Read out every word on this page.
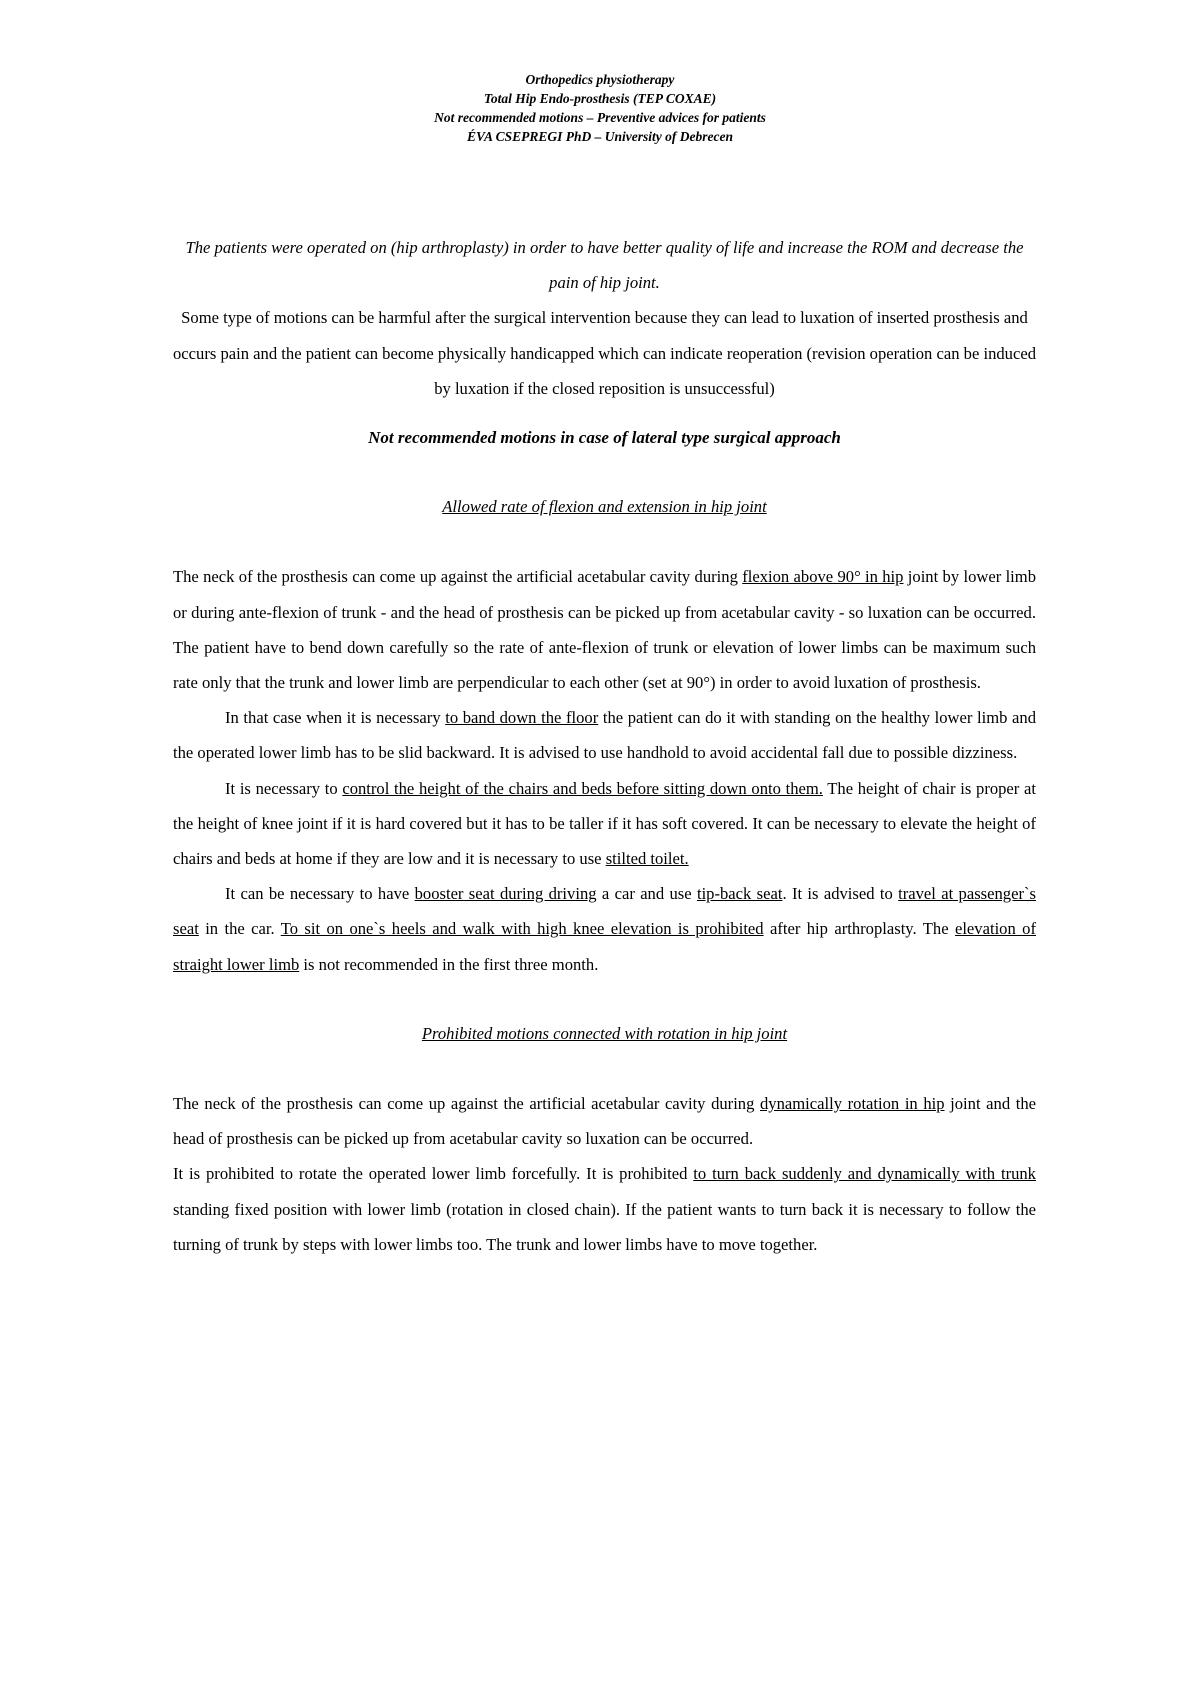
Orthopedics physiotherapy
Total Hip Endo-prosthesis (TEP COXAE)
Not recommended motions – Preventive advices for patients
ÉVA CSEPREGI PhD – University of Debrecen

The patients were operated on (hip arthroplasty) in order to have better quality of life and increase the ROM and decrease the pain of hip joint.

Some type of motions can be harmful after the surgical intervention because they can lead to luxation of inserted prosthesis and occurs pain and the patient can become physically handicapped which can indicate reoperation (revision operation can be induced by luxation if the closed reposition is unsuccessful)

Not recommended motions in case of lateral type surgical approach

Allowed rate of flexion and extension in hip joint

The neck of the prosthesis can come up against the artificial acetabular cavity during flexion above 90° in hip joint by lower limb or during ante-flexion of trunk - and the head of prosthesis can be picked up from acetabular cavity - so luxation can be occurred. The patient have to bend down carefully so the rate of ante-flexion of trunk or elevation of lower limbs can be maximum such rate only that the trunk and lower limb are perpendicular to each other (set at 90°) in order to avoid luxation of prosthesis.

In that case when it is necessary to band down the floor the patient can do it with standing on the healthy lower limb and the operated lower limb has to be slid backward. It is advised to use handhold to avoid accidental fall due to possible dizziness.

It is necessary to control the height of the chairs and beds before sitting down onto them. The height of chair is proper at the height of knee joint if it is hard covered but it has to be taller if it has soft covered. It can be necessary to elevate the height of chairs and beds at home if they are low and it is necessary to use stilted toilet.

It can be necessary to have booster seat during driving a car and use tip-back seat. It is advised to travel at passenger`s seat in the car. To sit on one`s heels and walk with high knee elevation is prohibited after hip arthroplasty. The elevation of straight lower limb is not recommended in the first three month.

Prohibited motions connected with rotation in hip joint

The neck of the prosthesis can come up against the artificial acetabular cavity during dynamically rotation in hip joint and the head of prosthesis can be picked up from acetabular cavity so luxation can be occurred.

It is prohibited to rotate the operated lower limb forcefully. It is prohibited to turn back suddenly and dynamically with trunk standing fixed position with lower limb (rotation in closed chain). If the patient wants to turn back it is necessary to follow the turning of trunk by steps with lower limbs too. The trunk and lower limbs have to move together.
